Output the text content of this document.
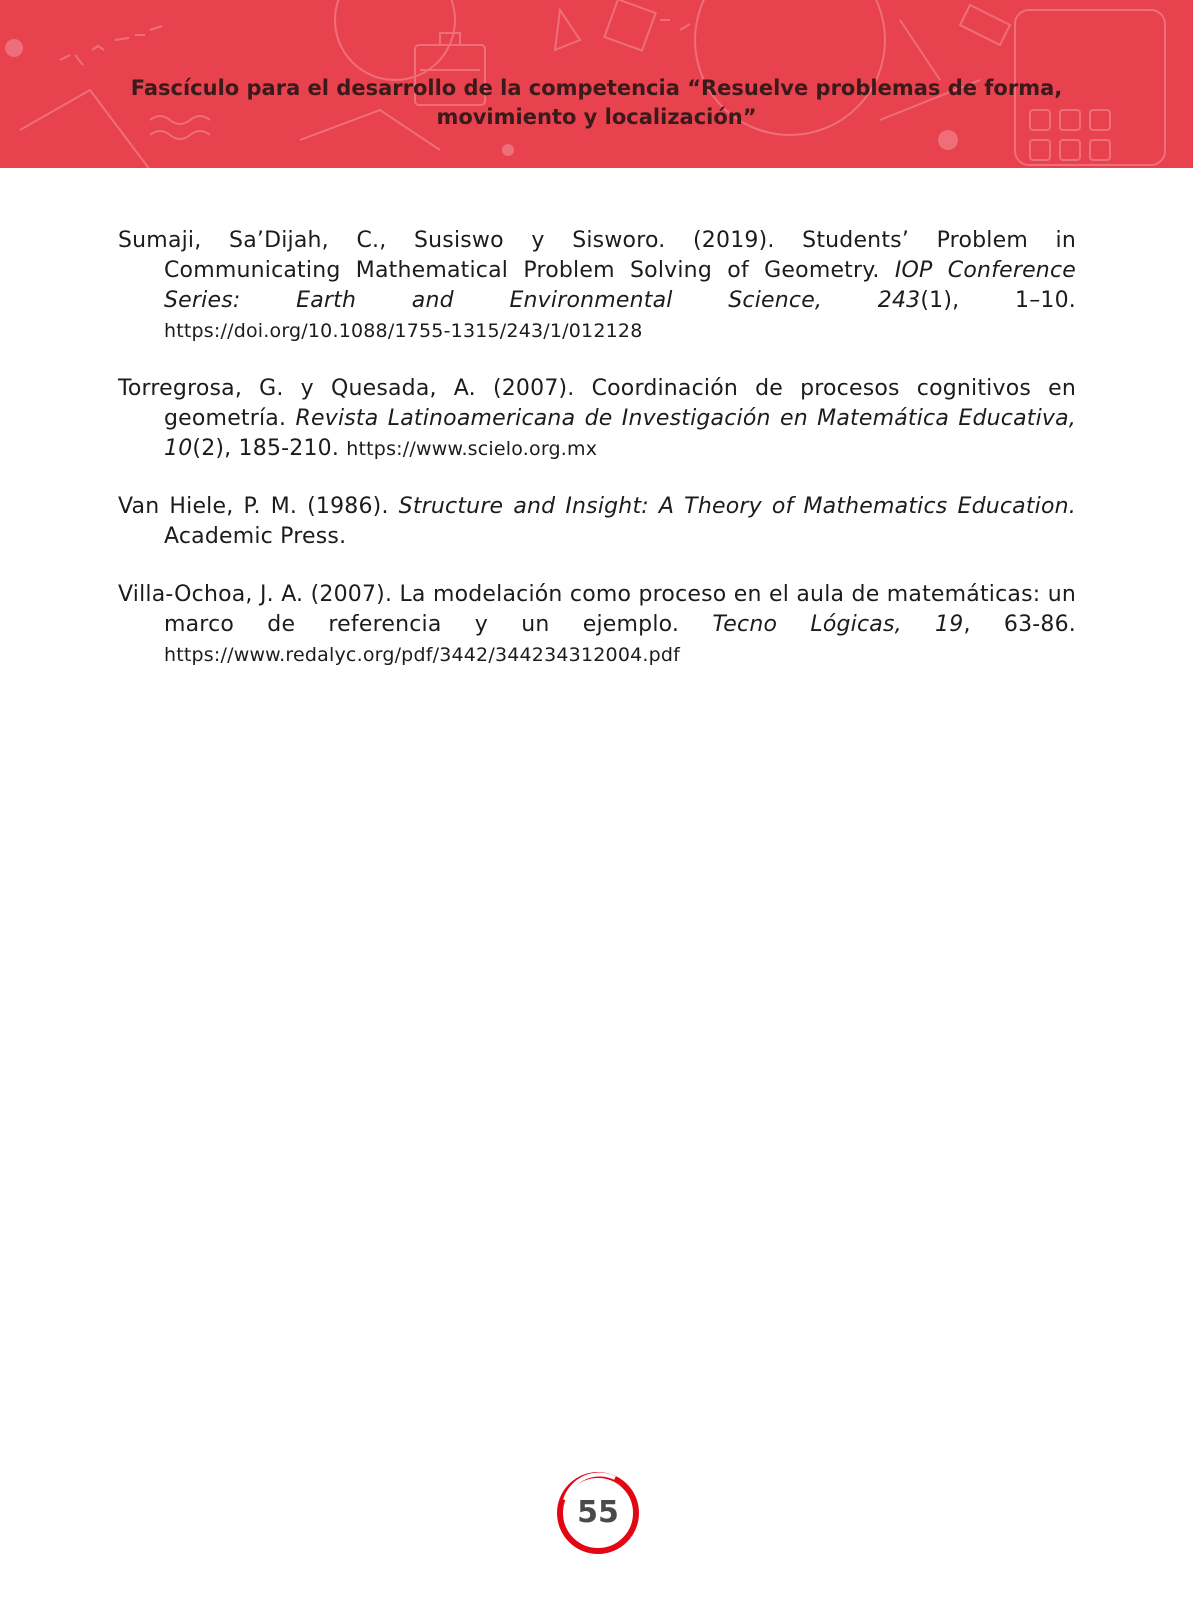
Fascículo para el desarrollo de la competencia “Resuelve problemas de forma,
movimiento y localización”

Sumaji, Sa’Dijah, C., Susiswo y Sisworo. (2019). Students’ Problem in Communicating Mathematical Problem Solving of Geometry. IOP Conference Series: Earth and Environmental Science, 243(1), 1–10. https://doi.org/10.1088/1755-1315/243/1/012128

Torregrosa, G. y Quesada, A. (2007). Coordinación de procesos cognitivos en geometría. Revista Latinoamericana de Investigación en Matemática Educativa, 10(2), 185-210. https://www.scielo.org.mx

Van Hiele, P. M. (1986). Structure and Insight: A Theory of Mathematics Education. Academic Press.

Villa-Ochoa, J. A. (2007). La modelación como proceso en el aula de matemáticas: un marco de referencia y un ejemplo. Tecno Lógicas, 19, 63-86. https://www.redalyc.org/pdf/3442/344234312004.pdf

55
